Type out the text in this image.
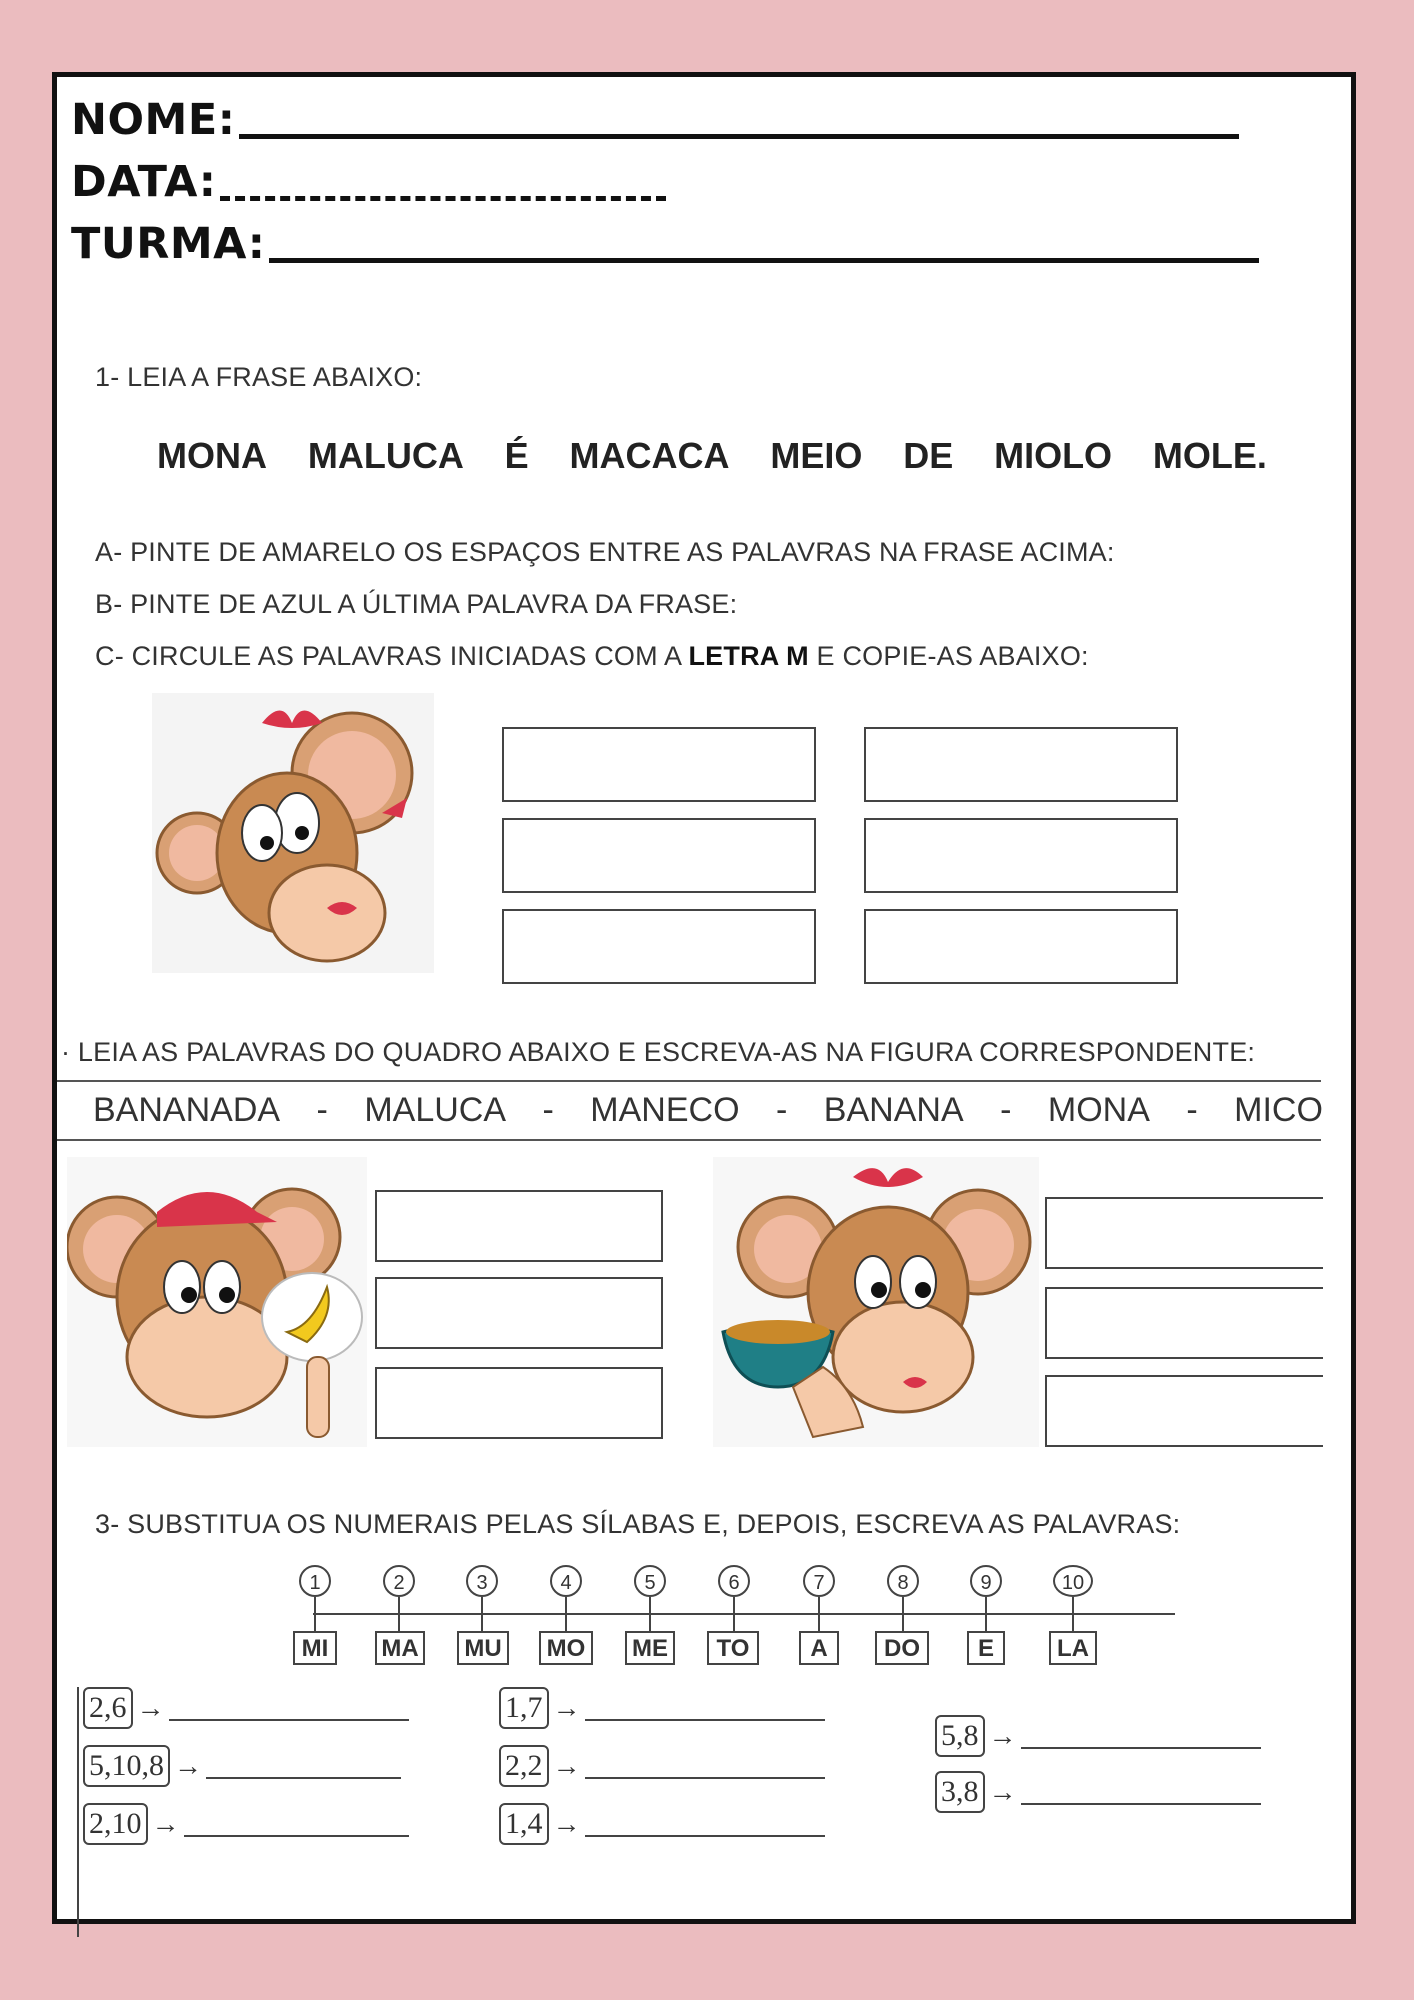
NOME:
DATA:
TURMA:
1- LEIA A FRASE ABAIXO:
MONA MALUCA É MACACA MEIO DE MIOLO MOLE.
A- PINTE DE AMARELO OS ESPAÇOS ENTRE AS PALAVRAS NA FRASE ACIMA:
B- PINTE DE AZUL A ÚLTIMA PALAVRA DA FRASE:
C- CIRCULE AS PALAVRAS INICIADAS COM A LETRA M E COPIE-AS ABAIXO:
· LEIA AS PALAVRAS DO QUADRO ABAIXO E ESCREVA-AS NA FIGURA CORRESPONDENTE:
BANANADA - MALUCA - MANECO - BANANA - MONA - MICO
3- SUBSTITUA OS NUMERAIS PELAS SÍLABAS E, DEPOIS, ESCREVA AS PALAVRAS:
1
MI
2
MA
3
MU
4
MO
5
ME
6
TO
7
A
8
DO
9
E
10
LA
2,6 →
5,10,8 →
2,10 →
1,7 →
2,2 →
1,4 →
5,8 →
3,8 →
